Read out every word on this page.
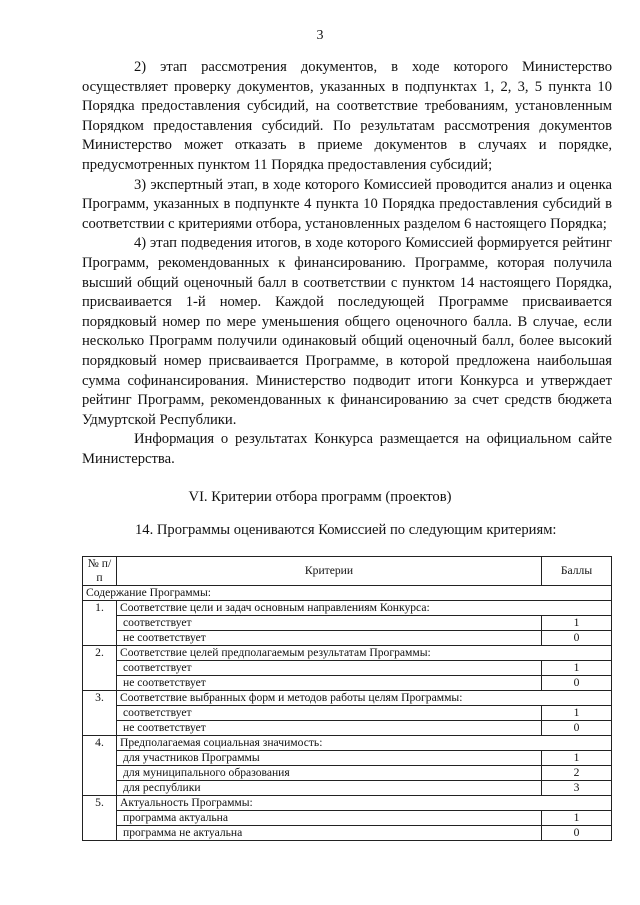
3

2) этап рассмотрения документов, в ходе которого Министерство осуществляет проверку документов, указанных в подпунктах 1, 2, 3, 5 пункта 10 Порядка предоставления субсидий, на соответствие требованиям, установленным Порядком предоставления субсидий. По результатам рассмотрения документов Министерство может отказать в приеме документов в случаях и порядке, предусмотренных пунктом 11 Порядка предоставления субсидий;

3) экспертный этап, в ходе которого Комиссией проводится анализ и оценка Программ, указанных в подпункте 4 пункта 10 Порядка предоставления субсидий в соответствии с критериями отбора, установленных разделом 6 настоящего Порядка;

4) этап подведения итогов, в ходе которого Комиссией формируется рейтинг Программ, рекомендованных к финансированию. Программе, которая получила высший общий оценочный балл в соответствии с пунктом 14 настоящего Порядка, присваивается 1-й номер. Каждой последующей Программе присваивается порядковый номер по мере уменьшения общего оценочного балла. В случае, если несколько Программ получили одинаковый общий оценочный балл, более высокий порядковый номер присваивается Программе, в которой предложена наибольшая сумма софинансирования. Министерство подводит итоги Конкурса и утверждает рейтинг Программ, рекомендованных к финансированию за счет средств бюджета Удмуртской Республики.

Информация о результатах Конкурса размещается на официальном сайте Министерства.

VI. Критерии отбора программ (проектов)
14. Программы оцениваются Комиссией по следующим критериям:
№ п/п	Критерии	Баллы
Содержание Программы:		
1.	Соответствие цели и задач основным направлениям Конкурса:	
	соответствует	1
	не соответствует	0
2.	Соответствие целей предполагаемым результатам Программы:	
	соответствует	1
	не соответствует	0
3.	Соответствие выбранных форм и методов работы целям Программы:	
	соответствует	1
	не соответствует	0
4.	Предполагаемая социальная значимость:	
	для участников Программы	1
	для муниципального образования	2
	для республики	3
5.	Актуальность Программы:	
	программа актуальна	1
	программа не актуальна	0
